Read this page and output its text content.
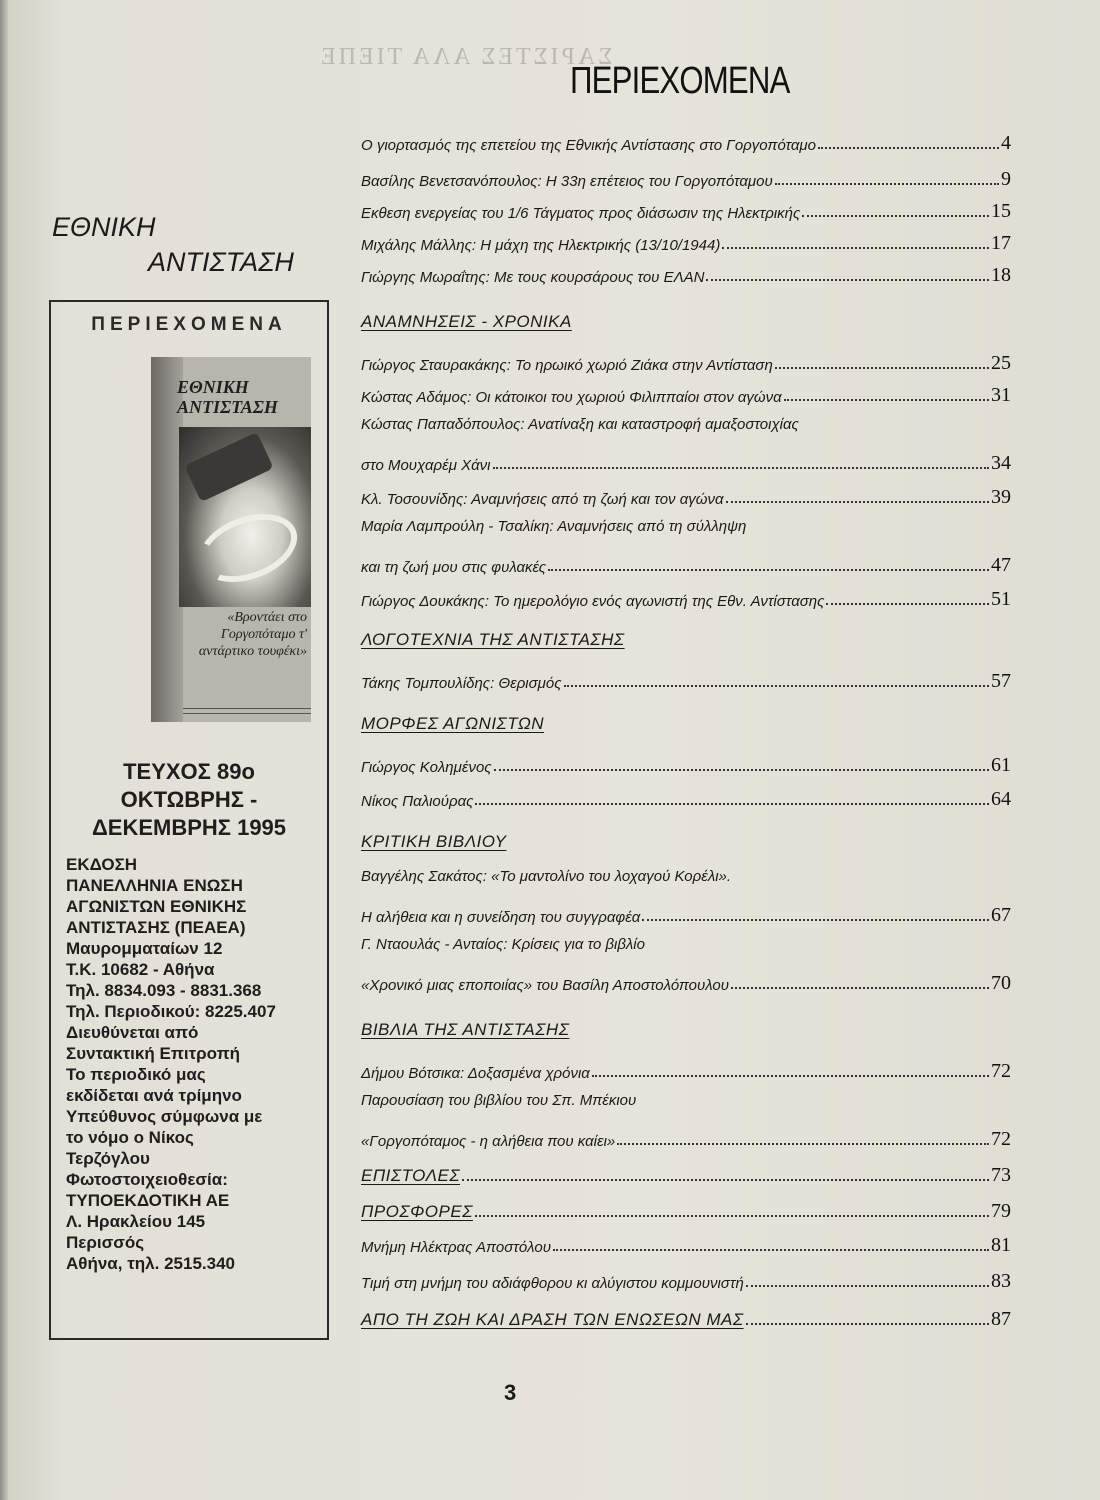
ΣΑΡΙΣΤΕΣ ΑΛΑ ΤΙΕΠΕ
ΠΕΡΙΕΧΟΜΕΝΑ
ΕΘΝΙΚΗ
ΑΝΤΙΣΤΑΣΗ
ΠΕΡΙΕΧΟΜΕΝΑ
ΕΘΝΙΚΗ ΑΝΤΙΣΤΑΣΗ
«Βροντάει στο Γοργοπόταμο τ' αντάρτικο τουφέκι»
ΤΕΥΧΟΣ 89ο
ΟΚΤΩΒΡΗΣ -
ΔΕΚΕΜΒΡΗΣ 1995
ΕΚΔΟΣΗ
ΠΑΝΕΛΛΗΝΙΑ ΕΝΩΣΗ
ΑΓΩΝΙΣΤΩΝ ΕΘΝΙΚΗΣ
ΑΝΤΙΣΤΑΣΗΣ (ΠΕΑΕΑ)
Μαυρομματαίων 12
Τ.Κ. 10682 - Αθήνα
Τηλ. 8834.093 - 8831.368
Τηλ. Περιοδικού: 8225.407
Διευθύνεται από
Συντακτική Επιτροπή
Το περιοδικό μας
εκδίδεται ανά τρίμηνο
Υπεύθυνος σύμφωνα με
το νόμο ο Νίκος
Τερζόγλου
Φωτοστοιχειοθεσία:
ΤΥΠΟΕΚΔΟΤΙΚΗ ΑΕ
Λ. Ηρακλείου 145
Περισσός
Αθήνα, τηλ. 2515.340
Ο γιορτασμός της επετείου της Εθνικής Αντίστασης στο Γοργοπόταμο	4
Βασίλης Βενετσανόπουλος: Η 33η επέτειος του Γοργοπόταμου	9
Εκθεση ενεργείας του 1/6 Τάγματος προς διάσωσιν της Ηλεκτρικής	15
Μιχάλης Μάλλης: Η μάχη της Ηλεκτρικής (13/10/1944)	17
Γιώργης Μωραΐτης: Με τους κουρσάρους του ΕΛΑΝ	18
ΑΝΑΜΝΗΣΕΙΣ - ΧΡΟΝΙΚΑ
Γιώργος Σταυρακάκης: Το ηρωικό χωριό Ζιάκα στην Αντίσταση	25
Κώστας Αδάμος: Οι κάτοικοι του χωριού Φιλιππαίοι στον αγώνα	31
Κώστας Παπαδόπουλος: Ανατίναξη και καταστροφή αμαξοστοιχίας
στο Μουχαρέμ Χάνι	34
Κλ. Τοσουνίδης: Αναμνήσεις από τη ζωή και τον αγώνα	39
Μαρία Λαμπρούλη - Τσαλίκη: Αναμνήσεις από τη σύλληψη
και τη ζωή μου στις φυλακές	47
Γιώργος Δουκάκης: Το ημερολόγιο ενός αγωνιστή της Εθν. Αντίστασης	51
ΛΟΓΟΤΕΧΝΙΑ ΤΗΣ ΑΝΤΙΣΤΑΣΗΣ
Τάκης Τομπουλίδης: Θερισμός	57
ΜΟΡΦΕΣ ΑΓΩΝΙΣΤΩΝ
Γιώργος Κολημένος	61
Νίκος Παλιούρας	64
ΚΡΙΤΙΚΗ ΒΙΒΛΙΟΥ
Βαγγέλης Σακάτος: «Το μαντολίνο του λοχαγού Κορέλι».
Η αλήθεια και η συνείδηση του συγγραφέα	67
Γ. Νταουλάς - Ανταίος: Κρίσεις για το βιβλίο
«Χρονικό μιας εποποιίας» του Βασίλη Αποστολόπουλου	70
ΒΙΒΛΙΑ ΤΗΣ ΑΝΤΙΣΤΑΣΗΣ
Δήμου Βότσικα: Δοξασμένα χρόνια	72
Παρουσίαση του βιβλίου του Σπ. Μπέκιου
«Γοργοπόταμος - η αλήθεια που καίει»	72
ΕΠΙΣΤΟΛΕΣ	73
ΠΡΟΣΦΟΡΕΣ	79
Μνήμη Ηλέκτρας Αποστόλου	81
Τιμή στη μνήμη του αδιάφθορου κι αλύγιστου κομμουνιστή	83
ΑΠΟ ΤΗ ΖΩΗ ΚΑΙ ΔΡΑΣΗ ΤΩΝ ΕΝΩΣΕΩΝ ΜΑΣ	87
3
